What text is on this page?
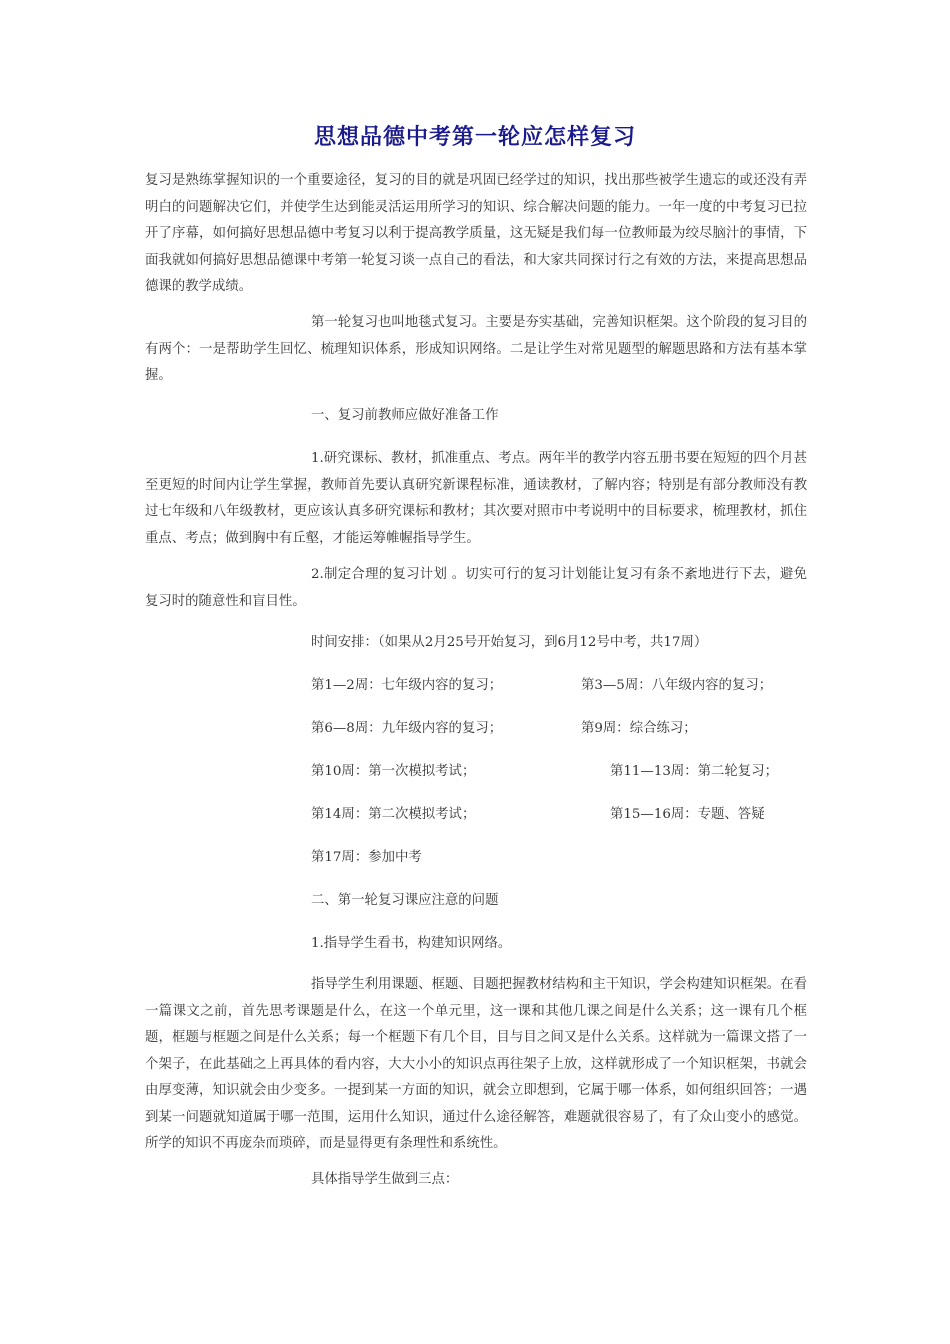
思想品德中考第一轮应怎样复习

复习是熟练掌握知识的一个重要途径，复习的目的就是巩固已经学过的知识，找出那些被学生遗忘的或还没有弄明白的问题解决它们，并使学生达到能灵活运用所学习的知识、综合解决问题的能力。一年一度的中考复习已拉开了序幕，如何搞好思想品德中考复习以利于提高教学质量，这无疑是我们每一位教师最为绞尽脑汁的事情，下面我就如何搞好思想品德课中考第一轮复习谈一点自己的看法，和大家共同探讨行之有效的方法，来提高思想品德课的教学成绩。

第一轮复习也叫地毯式复习。主要是夯实基础，完善知识框架。这个阶段的复习目的有两个：一是帮助学生回忆、梳理知识体系，形成知识网络。二是让学生对常见题型的解题思路和方法有基本掌握。

一、复习前教师应做好准备工作

1.研究课标、教材，抓准重点、考点。两年半的教学内容五册书要在短短的四个月甚至更短的时间内让学生掌握，教师首先要认真研究新课程标准，通读教材，了解内容；特别是有部分教师没有教过七年级和八年级教材，更应该认真多研究课标和教材；其次要对照市中考说明中的目标要求，梳理教材，抓住重点、考点；做到胸中有丘壑，才能运筹帷幄指导学生。

2.制定合理的复习计划 。切实可行的复习计划能让复习有条不紊地进行下去，避免复习时的随意性和盲目性。

时间安排：（如果从2月25号开始复习，到6月12号中考，共17周）

第1—2周：七年级内容的复习；	第3—5周：八年级内容的复习；

第6—8周：九年级内容的复习；	第9周：综合练习；

第10周：第一次模拟考试；	第11—13周：第二轮复习；

第14周：第二次模拟考试；	第15—16周：专题、答疑

第17周：参加中考

二、第一轮复习课应注意的问题

1.指导学生看书，构建知识网络。

指导学生利用课题、框题、目题把握教材结构和主干知识，学会构建知识框架。在看一篇课文之前，首先思考课题是什么，在这一个单元里，这一课和其他几课之间是什么关系；这一课有几个框题，框题与框题之间是什么关系；每一个框题下有几个目，目与目之间又是什么关系。这样就为一篇课文搭了一个架子，在此基础之上再具体的看内容，大大小小的知识点再往架子上放，这样就形成了一个知识框架，书就会由厚变薄，知识就会由少变多。一提到某一方面的知识，就会立即想到，它属于哪一体系，如何组织回答；一遇到某一问题就知道属于哪一范围，运用什么知识，通过什么途径解答，难题就很容易了，有了众山变小的感觉。所学的知识不再庞杂而琐碎，而是显得更有条理性和系统性。

具体指导学生做到三点：
